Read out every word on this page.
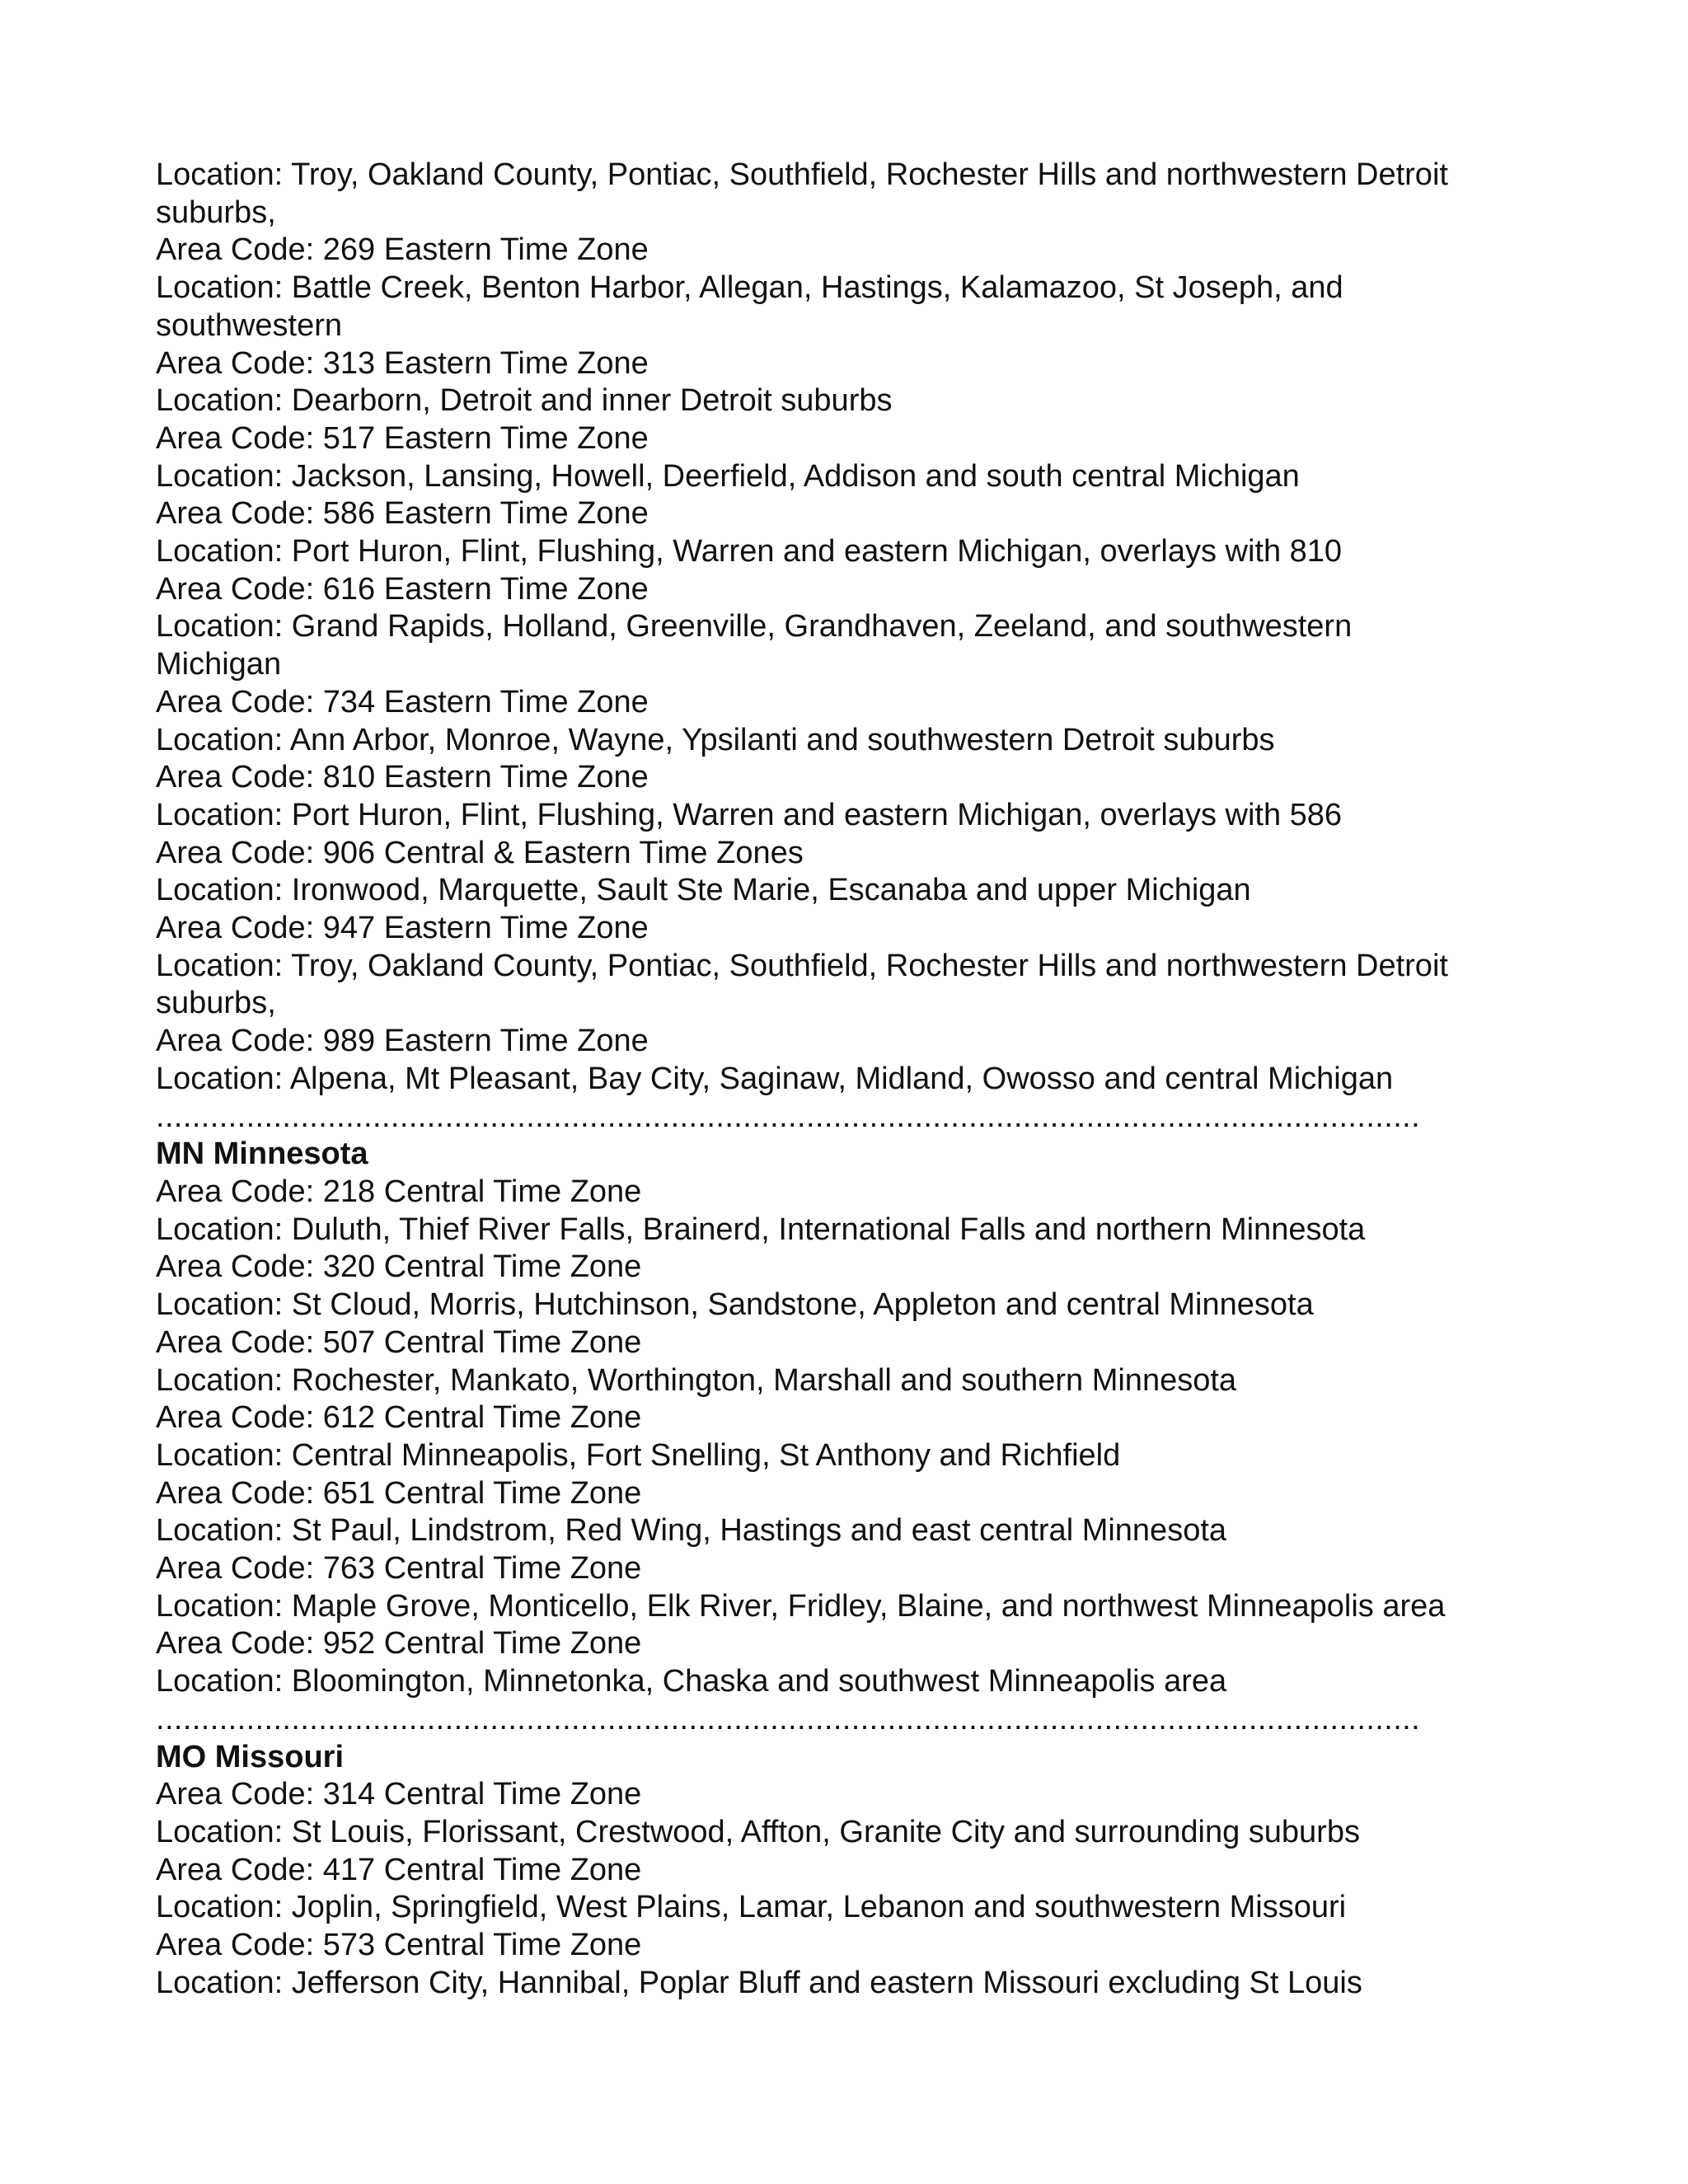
Location: Troy, Oakland County, Pontiac, Southfield, Rochester Hills and northwestern Detroit
suburbs,
Area Code: 269 Eastern Time Zone
Location: Battle Creek, Benton Harbor, Allegan, Hastings, Kalamazoo, St Joseph, and
southwestern
Area Code: 313 Eastern Time Zone
Location: Dearborn, Detroit and inner Detroit suburbs
Area Code: 517 Eastern Time Zone
Location: Jackson, Lansing, Howell, Deerfield, Addison and south central Michigan
Area Code: 586 Eastern Time Zone
Location: Port Huron, Flint, Flushing, Warren and eastern Michigan, overlays with 810
Area Code: 616 Eastern Time Zone
Location: Grand Rapids, Holland, Greenville, Grandhaven, Zeeland, and southwestern
Michigan
Area Code: 734 Eastern Time Zone
Location: Ann Arbor, Monroe, Wayne, Ypsilanti and southwestern Detroit suburbs
Area Code: 810 Eastern Time Zone
Location: Port Huron, Flint, Flushing, Warren and eastern Michigan, overlays with 586
Area Code: 906 Central & Eastern Time Zones
Location: Ironwood, Marquette, Sault Ste Marie, Escanaba and upper Michigan
Area Code: 947 Eastern Time Zone
Location: Troy, Oakland County, Pontiac, Southfield, Rochester Hills and northwestern Detroit
suburbs,
Area Code: 989 Eastern Time Zone
Location: Alpena, Mt Pleasant, Bay City, Saginaw, Midland, Owosso and central Michigan
............................................................................................................................................
MN Minnesota
Area Code: 218 Central Time Zone
Location: Duluth, Thief River Falls, Brainerd, International Falls and northern Minnesota
Area Code: 320 Central Time Zone
Location: St Cloud, Morris, Hutchinson, Sandstone, Appleton and central Minnesota
Area Code: 507 Central Time Zone
Location: Rochester, Mankato, Worthington, Marshall and southern Minnesota
Area Code: 612 Central Time Zone
Location: Central Minneapolis, Fort Snelling, St Anthony and Richfield
Area Code: 651 Central Time Zone
Location: St Paul, Lindstrom, Red Wing, Hastings and east central Minnesota
Area Code: 763 Central Time Zone
Location: Maple Grove, Monticello, Elk River, Fridley, Blaine, and northwest Minneapolis area
Area Code: 952 Central Time Zone
Location: Bloomington, Minnetonka, Chaska and southwest Minneapolis area
............................................................................................................................................
MO Missouri
Area Code: 314 Central Time Zone
Location: St Louis, Florissant, Crestwood, Affton, Granite City and surrounding suburbs
Area Code: 417 Central Time Zone
Location: Joplin, Springfield, West Plains, Lamar, Lebanon and southwestern Missouri
Area Code: 573 Central Time Zone
Location: Jefferson City, Hannibal, Poplar Bluff and eastern Missouri excluding St Louis
